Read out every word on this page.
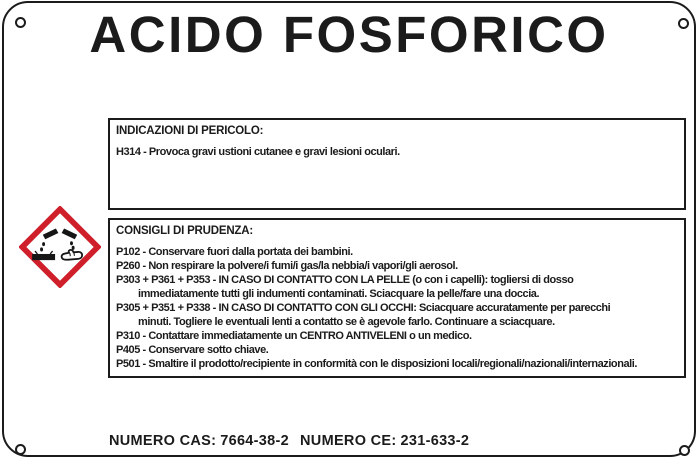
ACIDO FOSFORICO
INDICAZIONI DI PERICOLO:
H314 - Provoca gravi ustioni cutanee e gravi lesioni oculari.
CONSIGLI DI PRUDENZA:
P102 - Conservare fuori dalla portata dei bambini.
P260 - Non respirare la polvere/i fumi/i gas/la nebbia/i vapori/gli aerosol.
P303 + P361 + P353 - IN CASO DI CONTATTO CON LA PELLE (o con i capelli): togliersi di dosso
immediatamente tutti gli indumenti contaminati. Sciacquare la pelle/fare una doccia.
P305 + P351 + P338 - IN CASO DI CONTATTO CON GLI OCCHI: Sciacquare accuratamente per parecchi
minuti. Togliere le eventuali lenti a contatto se è agevole farlo. Continuare a sciacquare.
P310 - Contattare immediatamente un CENTRO ANTIVELENI o un medico.
P405 - Conservare sotto chiave.
P501 - Smaltire il prodotto/recipiente in conformità con le disposizioni locali/regionali/nazionali/internazionali.
NUMERO CAS: 7664-38-2 NUMERO CE: 231-633-2
